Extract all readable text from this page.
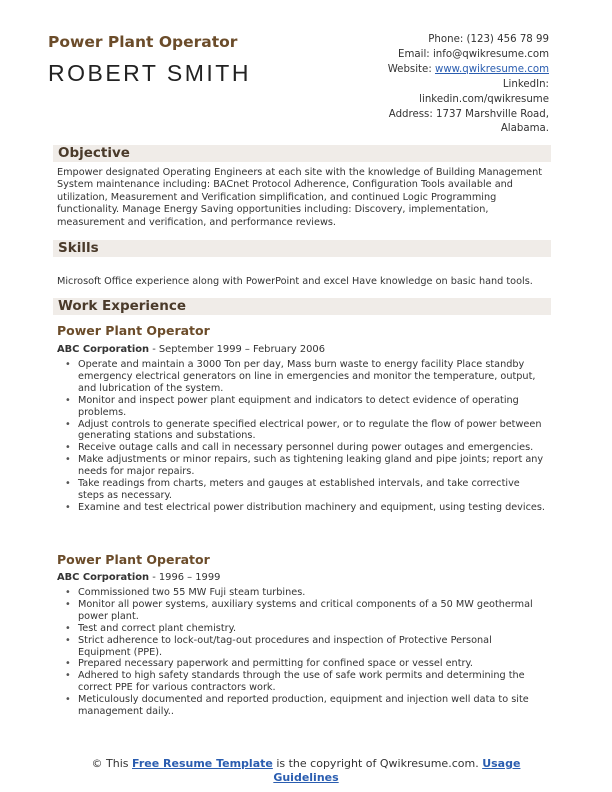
Power Plant Operator
ROBERT SMITH
Phone: (123) 456 78 99
Email: info@qwikresume.com
Website: www.qwikresume.com
LinkedIn:
linkedin.com/qwikresume
Address: 1737 Marshville Road,
Alabama.
Objective
Empower designated Operating Engineers at each site with the knowledge of Building Management System maintenance including: BACnet Protocol Adherence, Configuration Tools available and utilization, Measurement and Verification simplification, and continued Logic Programming functionality. Manage Energy Saving opportunities including: Discovery, implementation, measurement and verification, and performance reviews.
Skills
Microsoft Office experience along with PowerPoint and excel Have knowledge on basic hand tools.
Work Experience
Power Plant Operator
ABC Corporation - September 1999 – February 2006
• Operate and maintain a 3000 Ton per day, Mass burn waste to energy facility Place standby emergency electrical generators on line in emergencies and monitor the temperature, output, and lubrication of the system.
• Monitor and inspect power plant equipment and indicators to detect evidence of operating problems.
• Adjust controls to generate specified electrical power, or to regulate the flow of power between generating stations and substations.
• Receive outage calls and call in necessary personnel during power outages and emergencies.
• Make adjustments or minor repairs, such as tightening leaking gland and pipe joints; report any needs for major repairs.
• Take readings from charts, meters and gauges at established intervals, and take corrective steps as necessary.
• Examine and test electrical power distribution machinery and equipment, using testing devices.
Power Plant Operator
ABC Corporation - 1996 – 1999
• Commissioned two 55 MW Fuji steam turbines.
• Monitor all power systems, auxiliary systems and critical components of a 50 MW geothermal power plant.
• Test and correct plant chemistry.
• Strict adherence to lock-out/tag-out procedures and inspection of Protective Personal Equipment (PPE).
• Prepared necessary paperwork and permitting for confined space or vessel entry.
• Adhered to high safety standards through the use of safe work permits and determining the correct PPE for various contractors work.
• Meticulously documented and reported production, equipment and injection well data to site management daily..
© This Free Resume Template is the copyright of Qwikresume.com. Usage
Guidelines
